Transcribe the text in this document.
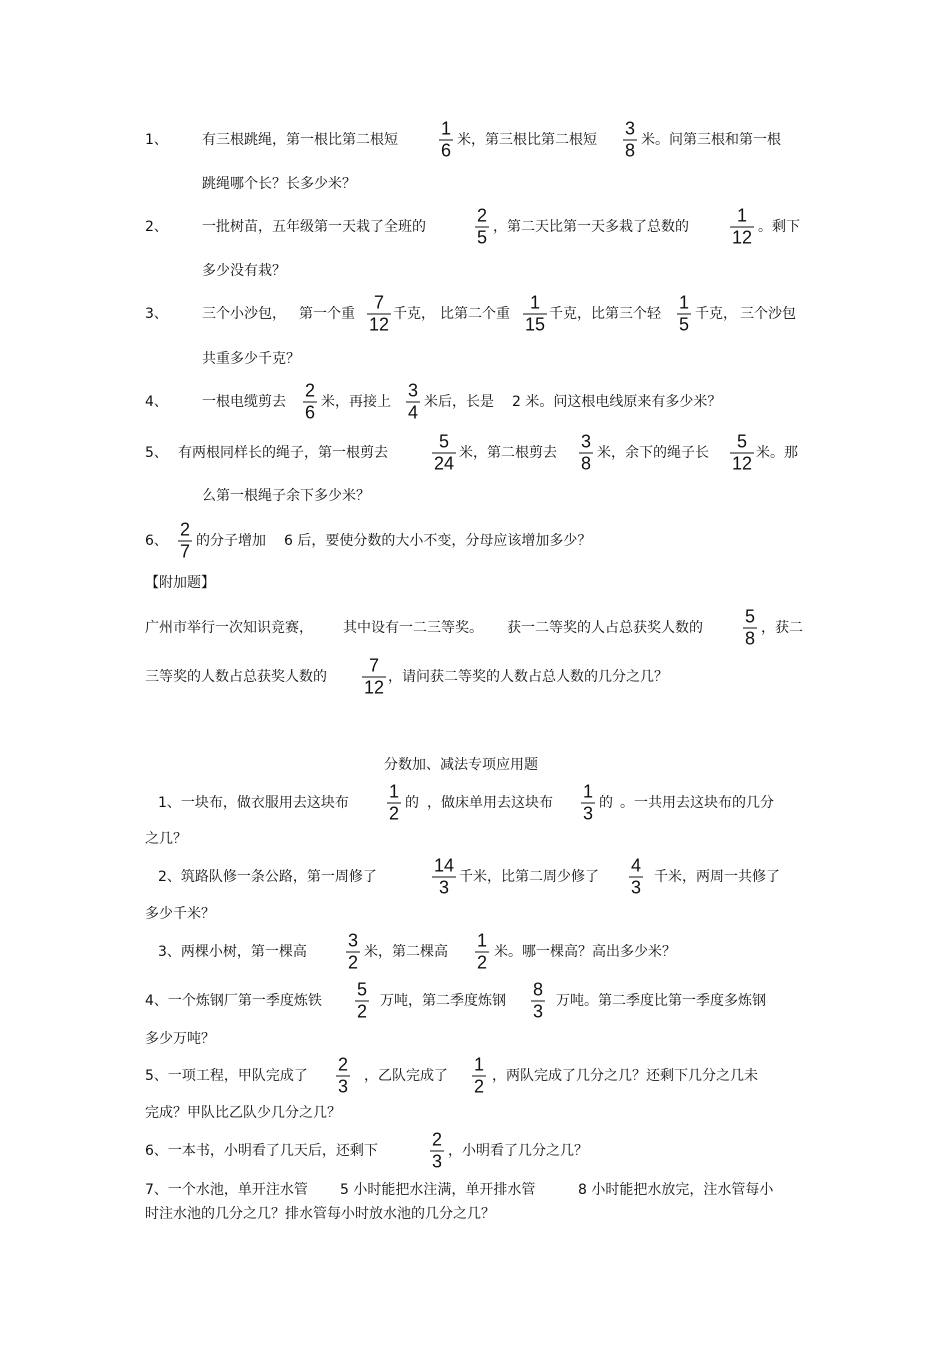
1、 有三根跳绳，第一根比第二根短
1
6
米，第三根比第二根短
3
8
米。问第三根和第一根
跳绳哪个长？长多少米？
2、 一批树苗，五年级第一天栽了全班的
2
5
，第二天比第一天多栽了总数的
1
12
。剩下
多少没有栽？
3、 三个小沙包， 第一个重
7
12
千克， 比第二个重
1
15
千克，比第三个轻
1
5
千克， 三个沙包
共重多少千克？
4、 一根电缆剪去
2
6
米，再接上
3
4
米后，长是 2 米。问这根电线原来有多少米？
5、 有两根同样长的绳子，第一根剪去
5
24
米，第二根剪去
3
8
米，余下的绳子长
5
12
米。那
么第一根绳子余下多少米？
6、
2
7
的分子增加 6 后，要使分数的大小不变，分母应该增加多少？
【附加题】
广州市举行一次知识竞赛， 其中设有一二三等奖。 获一二等奖的人占总获奖人数的
5
8
，获二
三等奖的人数占总获奖人数的
7
12
，请问获二等奖的人数占总人数的几分之几？
分数加、减法专项应用题
1、一块布，做衣服用去这块布
1
2
的 ，做床单用去这块布
1
3
的 。一共用去这块布的几分
之几？
2、筑路队修一条公路，第一周修了
14
3
千米，比第二周少修了
4
3
千米，两周一共修了
多少千米？
3、两棵小树，第一棵高
3
2
米，第二棵高
1
2
米。哪一棵高？高出多少米？
4、一个炼钢厂第一季度炼铁
5
2
万吨，第二季度炼钢
8
3
万吨。第二季度比第一季度多炼钢
多少万吨？
5、一项工程，甲队完成了
2
3
，乙队完成了
1
2
，两队完成了几分之几？还剩下几分之几未
完成？甲队比乙队少几分之几？
6、一本书，小明看了几天后，还剩下
2
3
，小明看了几分之几？
7、一个水池，单开注水管 5 小时能把水注满，单开排水管	8 小时能把水放完，注水管每小
时注水池的几分之几？排水管每小时放水池的几分之几？
